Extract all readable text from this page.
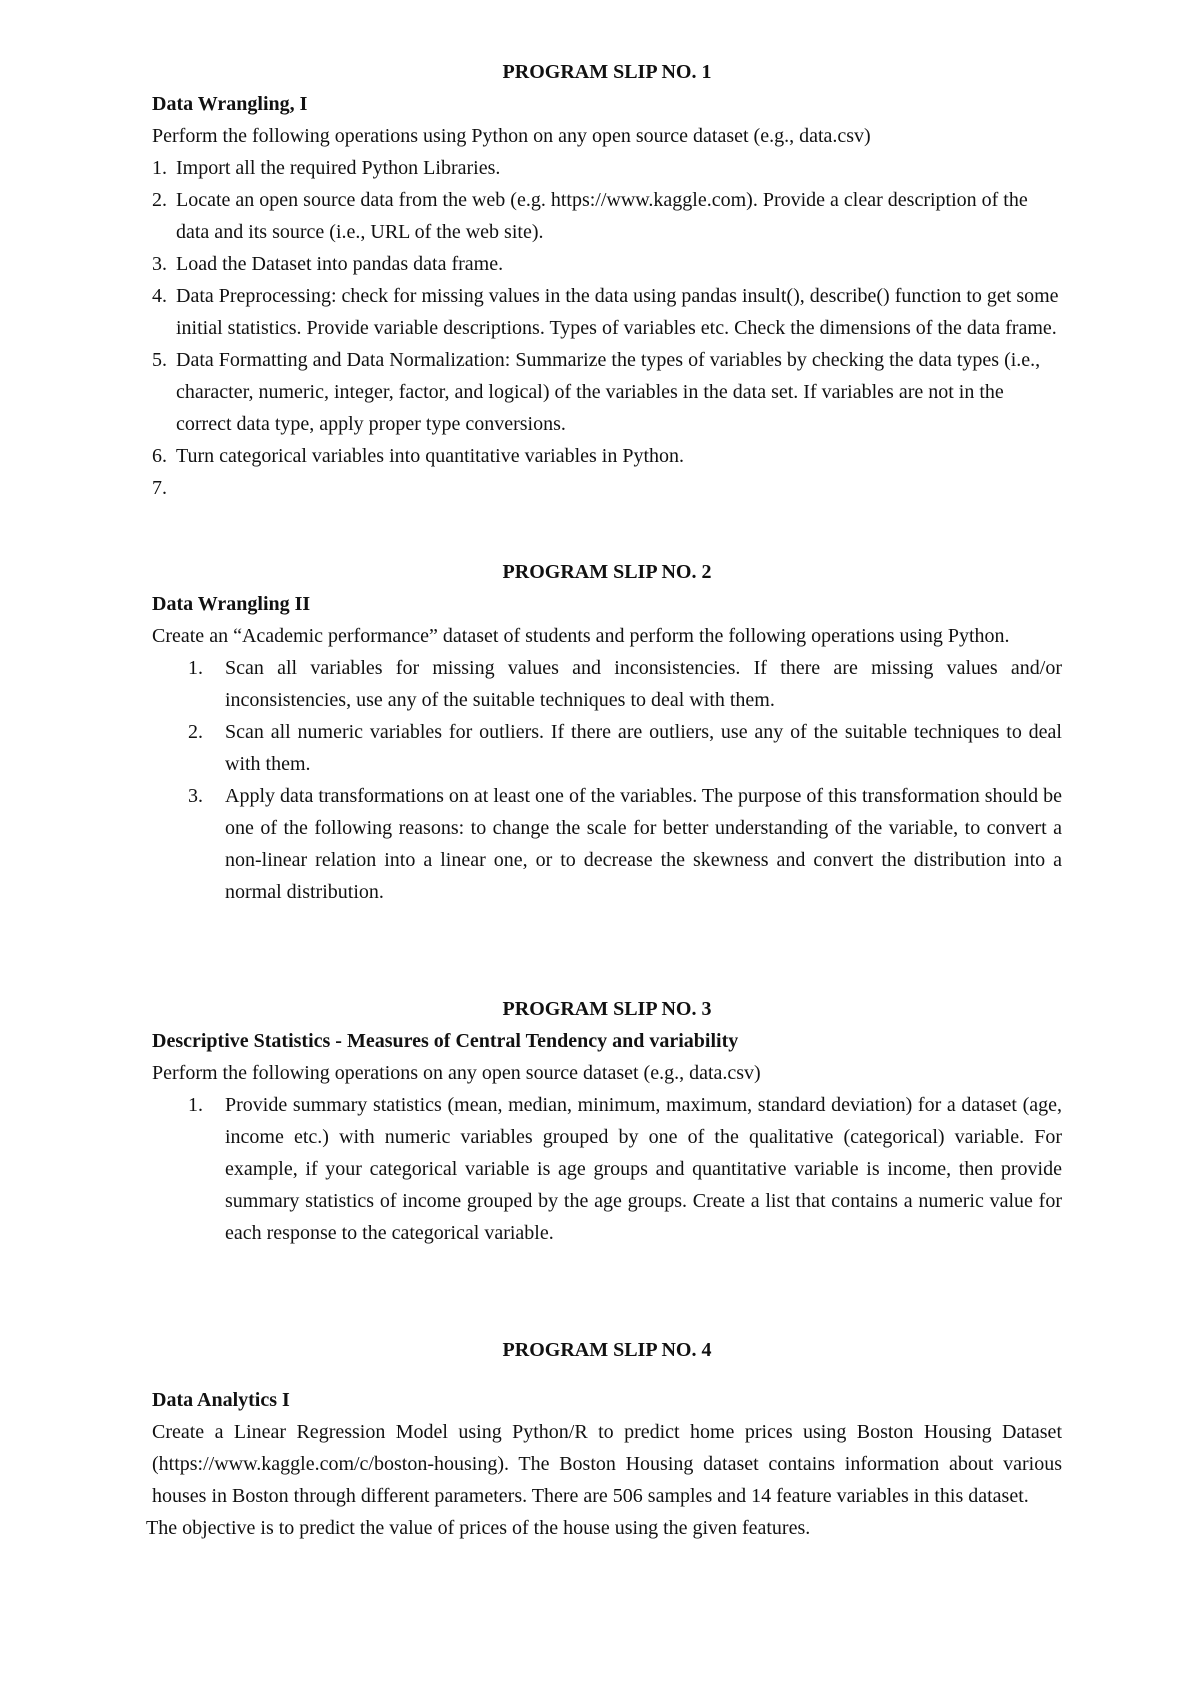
PROGRAM SLIP NO. 1

Data Wrangling, I

Perform the following operations using Python on any open source dataset (e.g., data.csv)

1. Import all the required Python Libraries.
2. Locate an open source data from the web (e.g. https://www.kaggle.com). Provide a clear description of the data and its source (i.e., URL of the web site).
3. Load the Dataset into pandas data frame.
4. Data Preprocessing: check for missing values in the data using pandas insult(), describe() function to get some initial statistics. Provide variable descriptions. Types of variables etc. Check the dimensions of the data frame.
5. Data Formatting and Data Normalization: Summarize the types of variables by checking the data types (i.e., character, numeric, integer, factor, and logical) of the variables in the data set. If variables are not in the correct data type, apply proper type conversions.
6. Turn categorical variables into quantitative variables in Python.
7.

PROGRAM SLIP NO. 2

Data Wrangling II

Create an “Academic performance” dataset of students and perform the following operations using Python.

1. Scan all variables for missing values and inconsistencies. If there are missing values and/or inconsistencies, use any of the suitable techniques to deal with them.
2. Scan all numeric variables for outliers. If there are outliers, use any of the suitable techniques to deal with them.
3. Apply data transformations on at least one of the variables. The purpose of this transformation should be one of the following reasons: to change the scale for better understanding of the variable, to convert a non-linear relation into a linear one, or to decrease the skewness and convert the distribution into a normal distribution.

PROGRAM SLIP NO. 3

Descriptive Statistics - Measures of Central Tendency and variability

Perform the following operations on any open source dataset (e.g., data.csv)

1. Provide summary statistics (mean, median, minimum, maximum, standard deviation) for a dataset (age, income etc.) with numeric variables grouped by one of the qualitative (categorical) variable. For example, if your categorical variable is age groups and quantitative variable is income, then provide summary statistics of income grouped by the age groups. Create a list that contains a numeric value for each response to the categorical variable.

PROGRAM SLIP NO. 4

Data Analytics I

Create a Linear Regression Model using Python/R to predict home prices using Boston Housing Dataset (https://www.kaggle.com/c/boston-housing). The Boston Housing dataset contains information about various houses in Boston through different parameters. There are 506 samples and 14 feature variables in this dataset.

The objective is to predict the value of prices of the house using the given features.
